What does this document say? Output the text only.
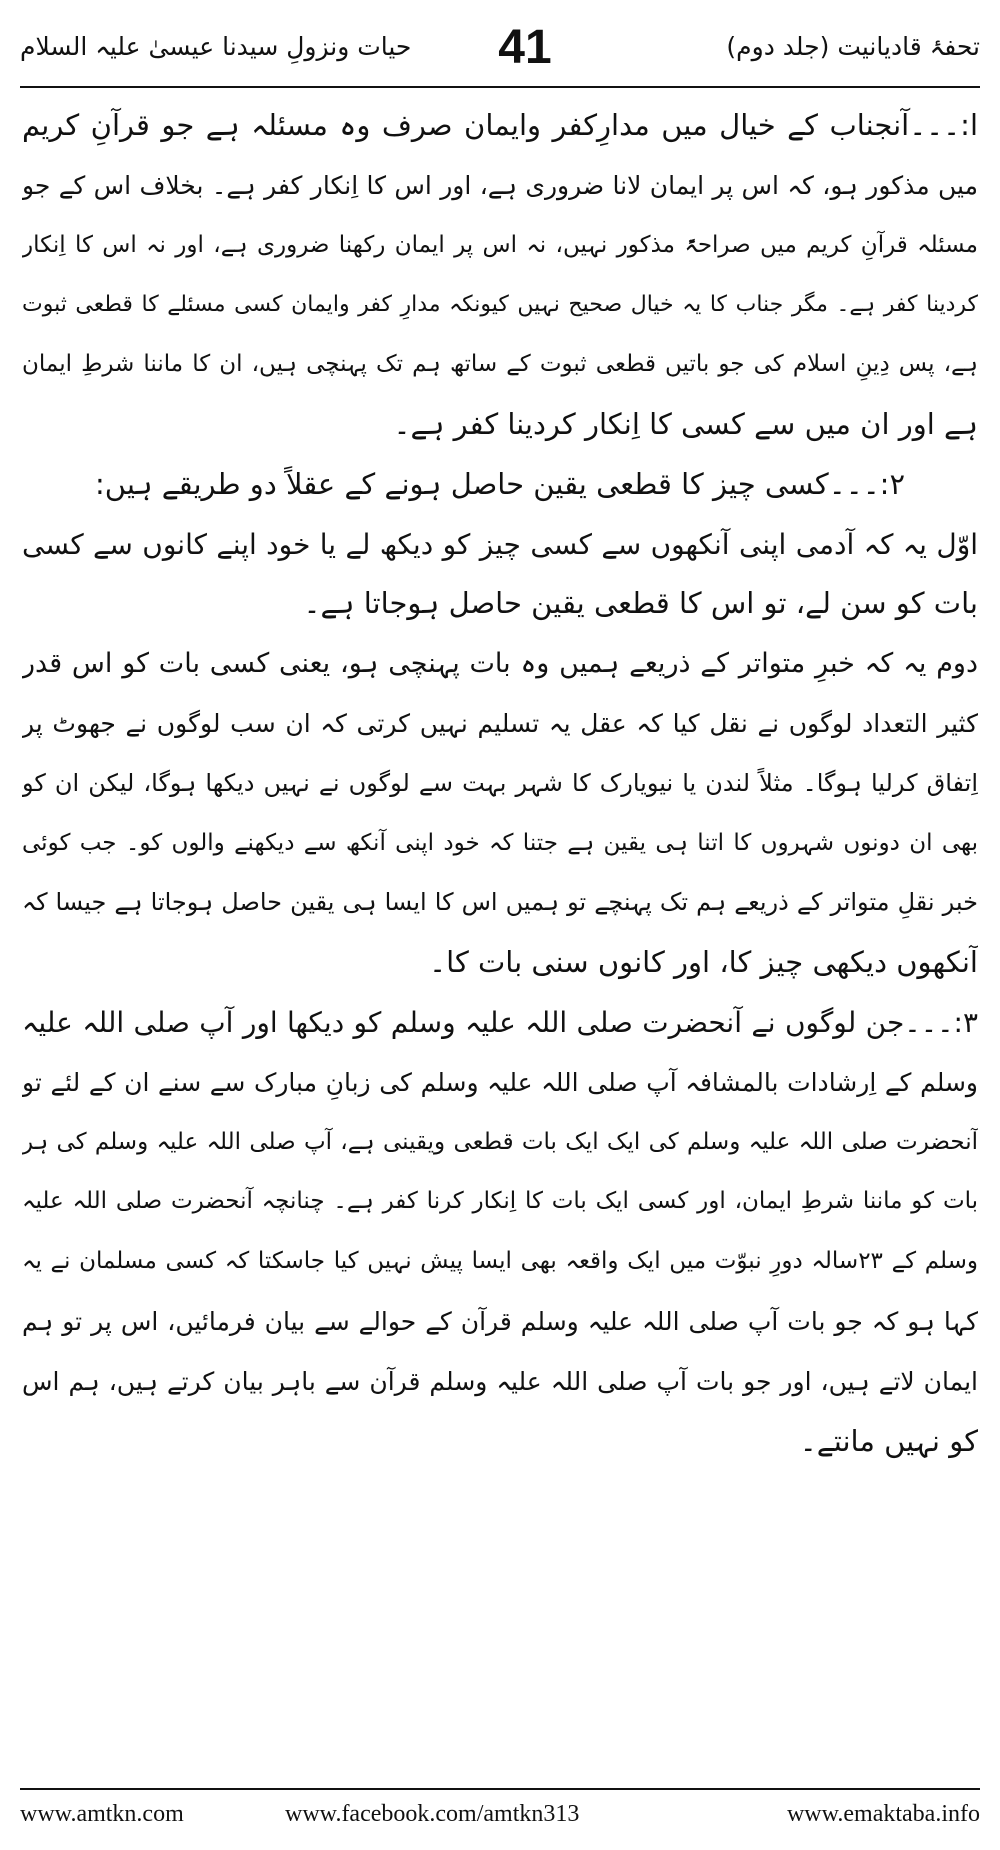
تحفۂ قادیانیت (جلد دوم)
41
حیات ونزولِ سیدنا عیسیٰ علیہ السلام
ا:۔۔۔آنجناب کے خیال میں مدارِکفر وایمان صرف وہ مسئلہ ہے جو قرآنِ کریم
میں مذکور ہو، کہ اس پر ایمان لانا ضروری ہے، اور اس کا اِنکار کفر ہے۔ بخلاف اس کے جو
مسئلہ قرآنِ کریم میں صراحۃً مذکور نہیں، نہ اس پر ایمان رکھنا ضروری ہے، اور نہ اس کا اِنکار
کردینا کفر ہے۔ مگر جناب کا یہ خیال صحیح نہیں کیونکہ مدارِ کفر وایمان کسی مسئلے کا قطعی ثبوت
ہے، پس دِینِ اسلام کی جو باتیں قطعی ثبوت کے ساتھ ہم تک پہنچی ہیں، ان کا ماننا شرطِ ایمان
ہے اور ان میں سے کسی کا اِنکار کردینا کفر ہے۔
۲:۔۔۔کسی چیز کا قطعی یقین حاصل ہونے کے عقلاً دو طریقے ہیں:
اوّل یہ کہ آدمی اپنی آنکھوں سے کسی چیز کو دیکھ لے یا خود اپنے کانوں سے کسی
بات کو سن لے، تو اس کا قطعی یقین حاصل ہوجاتا ہے۔
دوم یہ کہ خبرِ متواتر کے ذریعے ہمیں وہ بات پہنچی ہو، یعنی کسی بات کو اس قدر
کثیر التعداد لوگوں نے نقل کیا کہ عقل یہ تسلیم نہیں کرتی کہ ان سب لوگوں نے جھوٹ پر
اِتفاق کرلیا ہوگا۔ مثلاً لندن یا نیویارک کا شہر بہت سے لوگوں نے نہیں دیکھا ہوگا، لیکن ان کو
بھی ان دونوں شہروں کا اتنا ہی یقین ہے جتنا کہ خود اپنی آنکھ سے دیکھنے والوں کو۔ جب کوئی
خبر نقلِ متواتر کے ذریعے ہم تک پہنچے تو ہمیں اس کا ایسا ہی یقین حاصل ہوجاتا ہے جیسا کہ
آنکھوں دیکھی چیز کا، اور کانوں سنی بات کا۔
۳:۔۔۔جن لوگوں نے آنحضرت صلی اللہ علیہ وسلم کو دیکھا اور آپ صلی اللہ علیہ
وسلم کے اِرشادات بالمشافہ آپ صلی اللہ علیہ وسلم کی زبانِ مبارک سے سنے ان کے لئے تو
آنحضرت صلی اللہ علیہ وسلم کی ایک ایک بات قطعی ویقینی ہے، آپ صلی اللہ علیہ وسلم کی ہر
بات کو ماننا شرطِ ایمان، اور کسی ایک بات کا اِنکار کرنا کفر ہے۔ چنانچہ آنحضرت صلی اللہ علیہ
وسلم کے ۲۳سالہ دورِ نبوّت میں ایک واقعہ بھی ایسا پیش نہیں کیا جاسکتا کہ کسی مسلمان نے یہ
کہا ہو کہ جو بات آپ صلی اللہ علیہ وسلم قرآن کے حوالے سے بیان فرمائیں، اس پر تو ہم
ایمان لاتے ہیں، اور جو بات آپ صلی اللہ علیہ وسلم قرآن سے باہر بیان کرتے ہیں، ہم اس
کو نہیں مانتے۔
www.amtkn.com	www.facebook.com/amtkn313	www.emaktaba.info
